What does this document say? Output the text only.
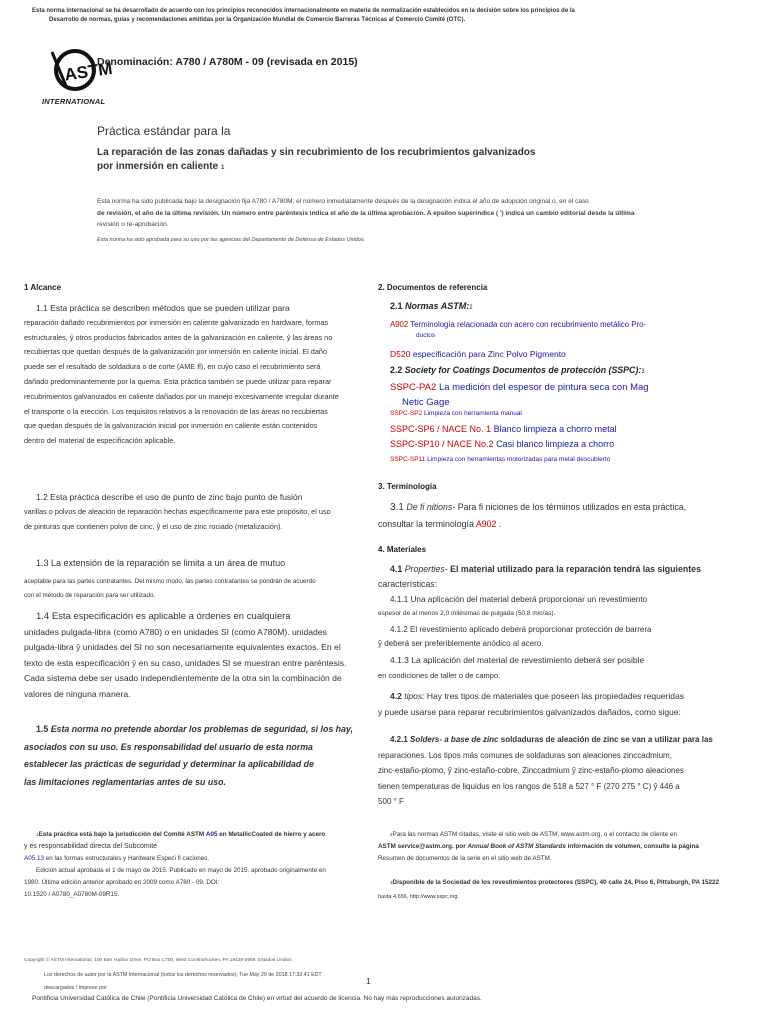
Esta norma internacional se ha desarrollado de acuerdo con los principios reconocidos internacionalmente en materia de normalización establecidos en la decisión sobre los principios de la
Desarrollo de normas, guías y recomendaciones emitidas por la Organización Mundial de Comercio Barreras Técnicas al Comercio Comité (OTC).
ASTM
INTERNATIONAL
Denominación: A780 / A780M - 09 (revisada en 2015)
Práctica estándar para la
La reparación de las zonas dañadas y sin recubrimiento de los recubrimientos galvanizados
por inmersión en caliente 1
Esta norma ha sido publicada bajo la designación fija A780 / A780M; el número inmediatamente después de la designación indica el año de adopción original o, en el caso
de revisión, el año de la última revisión. Un número entre paréntesis indica el año de la última aprobación. A epsilon superíndice ( ') indica un cambio editorial desde la última
revisión o re-aprobación.
Esta norma ha sido aprobada para su uso por las agencias del Departamento de Defensa de Estados Unidos.
1 Alcance
1.1 Esta práctica se describen métodos que se pueden utilizar para
reparación dañado recubrimientos por inmersión en caliente galvanizado en hardware, formas
estructurales, ŷ otros productos fabricados antes de la galvanización en caliente, ŷ las áreas no
recubiertas que quedan después de la galvanización por inmersión en caliente inicial. El daño
puede ser el resultado de soldadura o de corte (AME fl), en cuŷo caso el recubrimiento será
dañado predominantemente por la quema. Esta práctica también se puede utilizar para reparar
recubrimientos galvanizados en caliente dañados por un manejo excesivamente irregular durante
el transporte o la erección. Los requisitos relativos a la renovación de las áreas no recubiertas
que quedan después de la galvanización inicial por inmersión en caliente están contenidos
dentro del material de especificación aplicable.
1.2 Esta práctica describe el uso de punto de zinc bajo punto de fusión
varillas o polvos de aleación de reparación hechas específicamente para este propósito, el uso
de pinturas que contienen polvo de cinc, ŷ el uso de zinc rociado (metalización).
1.3 La extensión de la reparación se limita a un área de mutuo
aceptable para las partes contratantes. Del mismo modo, las partes contratantes se pondrán de acuerdo
con el método de reparación para ser utilizado.
1.4 Esta especificación es aplicable a órdenes en cualquiera
unidades pulgada-libra (como A780) o en unidades SI (como A780M). unidades
pulgada-libra ŷ unidades del SI no son necesariamente equivalentes exactos. En el
texto de esta especificación ŷ en su caso, unidades SI se muestran entre paréntesis.
Cada sistema debe ser usado independientemente de la otra sin la combinación de
valores de ninguna manera.
1.5 Esta norma no pretende abordar los problemas de seguridad, si los hay,
asociados con su uso. Es responsabilidad del usuario de esta norma
establecer las prácticas de seguridad y determinar la aplicabilidad de
las limitaciones reglamentarias antes de su uso.
2. Documentos de referencia
2.1 Normas ASTM:2
A902 Terminología relacionada con acero con recubrimiento metálico Pro-
ductos
D520 especificación para Zinc Polvo Pigmento
2.2 Society for Coatings Documentos de protección (SSPC):3
SSPC-PA2 La medición del espesor de pintura seca con Mag
Netic Gage
SSPC-SP2 Limpieza con herramienta manual
SSPC-SP6 / NACE No. 1 Blanco limpieza a chorro metal
SSPC-SP10 / NACE No.2 Casi blanco limpieza a chorro
SSPC-SP11 Limpieza con herramientas motorizadas para metal descubierto
3. Terminología
3.1 De fi nitions- Para fi niciones de los términos utilizados en esta práctica,
consultar la terminología A902 .
4. Materiales
4.1 Properties- El material utilizado para la reparación tendrá las siguientes
características:
4.1.1 Una aplicación del material deberá proporcionar un revestimiento
espesor de al menos 2,0 milésimas de pulgada (50,8 micras).
4.1.2 El revestimiento aplicado deberá proporcionar protección de barrera
ŷ deberá ser preferiblemente anódico al acero.
4.1.3 La aplicación del material de revestimiento deberá ser posible
en condiciones de taller o de campo.
4.2 tipos: Hay tres tipos de materiales que poseen las propiedades requeridas
y puede usarse para reparar recubrimientos galvanizados dañados, como sigue:
4.2.1 Solders- a base de zinc soldaduras de aleación de zinc se van a utilizar para las
reparaciones. Los tipos más comunes de soldaduras son aleaciones zinccadmium,
zinc-estaño-plomo, ŷ zinc-estaño-cobre. Zinccadmium ŷ zinc-estaño-plomo aleaciones
tienen temperaturas de liquidus en los rangos de 518 a 527 ° F (270 275 ° C) ŷ 446 a
500 ° F
1Esta práctica está bajo la jurisdicción del Comité ASTM A05 en MetallicCoated de hierro y acero
y es responsabilidad directa del Subcomité
A05.13 en las formas estructurales y Hardware Especi fi caciones.
Edición actual aprobada el 1 de mayo de 2015. Publicado en mayo de 2015. aprobado originalmente en
1980. Última edición anterior aprobado en 2009 como A780 - 09. DOI:
10.1520 / A0780_A0780M-09R15.
2Para las normas ASTM citadas, visite el sitio web de ASTM, www.astm.org, o el contacto de cliente en
ASTM service@astm.org. por Annual Book of ASTM Standards información de volumen, consulte la página
Resumen de documentos de la serie en el sitio web de ASTM.
3Disponible de la Sociedad de los revestimientos protectores (SSPC), 40 calle 24, Piso 6, Pittsburgh, PA 15222
hasta 4.656, http://www.sspc.org.
Copyright © ASTM International, 100 Barr Harbor Drive, PO Box C700, West Conshohocken, PA 19428-2959. Estados Unidos
Los derechos de autor por la ASTM Internacional (todos los derechos reservados); Tue May 29 de 2018 17:33:41 EDT
1
descargados / impreso por
Pontificia Universidad Católica de Chile (Pontificia Universidad Católica de Chile) en virtud del acuerdo de licencia. No hay más reproducciones autorizadas.
